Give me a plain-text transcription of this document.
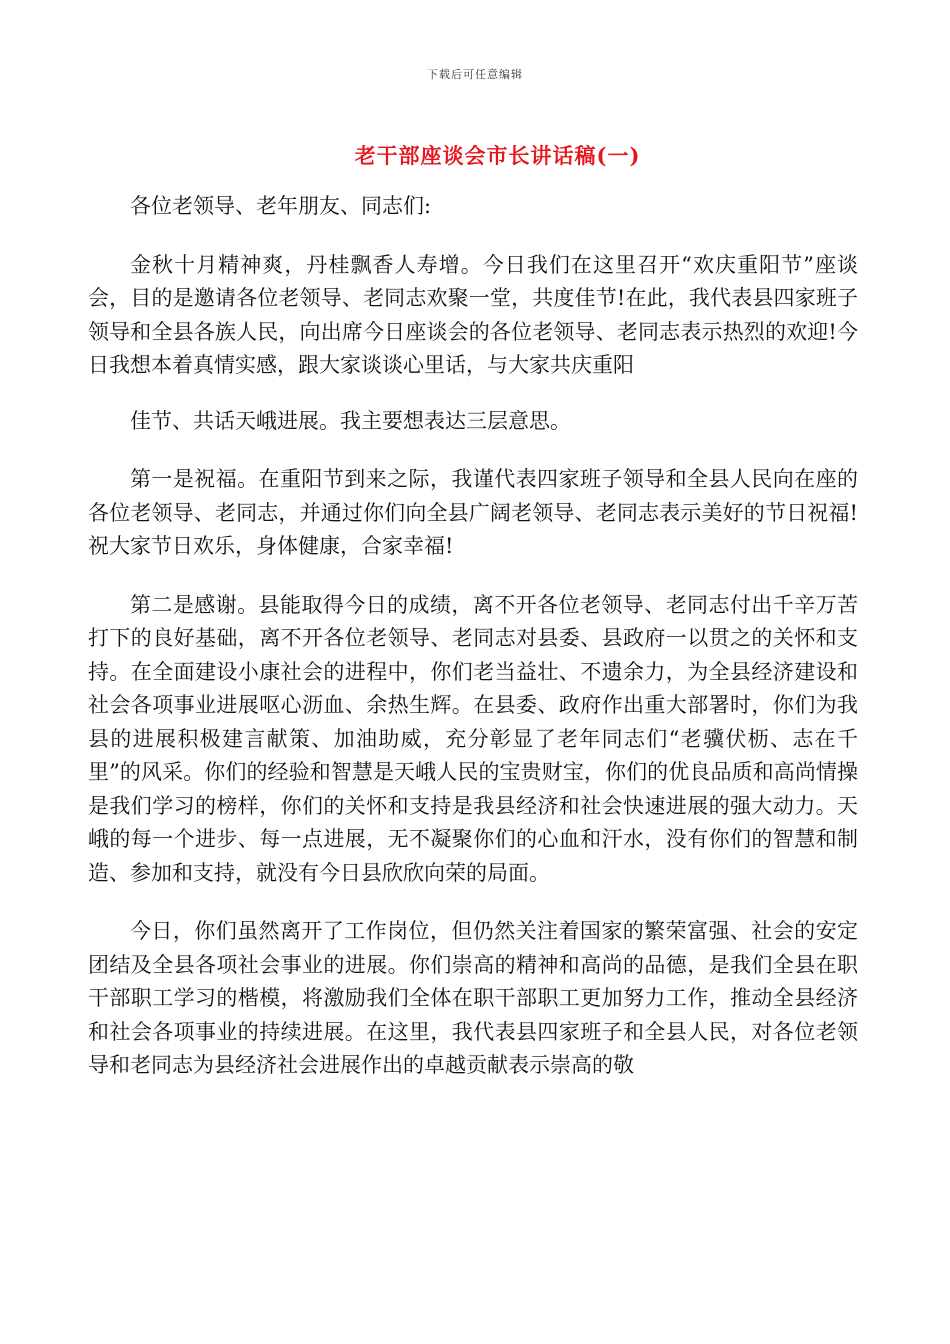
下载后可任意编辑
老干部座谈会市长讲话稿(一)

各位老领导、老年朋友、同志们:

金秋十月精神爽，丹桂飘香人寿增。今日我们在这里召开“欢庆重阳节”座谈会，目的是邀请各位老领导、老同志欢聚一堂，共度佳节!在此，我代表县四家班子领导和全县各族人民，向出席今日座谈会的各位老领导、老同志表示热烈的欢迎!今日我想本着真情实感，跟大家谈谈心里话，与大家共庆重阳

佳节、共话天峨进展。我主要想表达三层意思。

第一是祝福。在重阳节到来之际，我谨代表四家班子领导和全县人民向在座的各位老领导、老同志，并通过你们向全县广阔老领导、老同志表示美好的节日祝福!祝大家节日欢乐，身体健康，合家幸福!

第二是感谢。县能取得今日的成绩，离不开各位老领导、老同志付出千辛万苦打下的良好基础，离不开各位老领导、老同志对县委、县政府一以贯之的关怀和支持。在全面建设小康社会的进程中，你们老当益壮、不遗余力，为全县经济建设和社会各项事业进展呕心沥血、余热生辉。在县委、政府作出重大部署时，你们为我县的进展积极建言献策、加油助威，充分彰显了老年同志们“老骥伏枥、志在千里”的风采。你们的经验和智慧是天峨人民的宝贵财宝，你们的优良品质和高尚情操是我们学习的榜样，你们的关怀和支持是我县经济和社会快速进展的强大动力。天峨的每一个进步、每一点进展，无不凝聚你们的心血和汗水，没有你们的智慧和制造、参加和支持，就没有今日县欣欣向荣的局面。

今日，你们虽然离开了工作岗位，但仍然关注着国家的繁荣富强、社会的安定团结及全县各项社会事业的进展。你们崇高的精神和高尚的品德，是我们全县在职干部职工学习的楷模，将激励我们全体在职干部职工更加努力工作，推动全县经济和社会各项事业的持续进展。在这里，我代表县四家班子和全县人民，对各位老领导和老同志为县经济社会进展作出的卓越贡献表示崇高的敬
